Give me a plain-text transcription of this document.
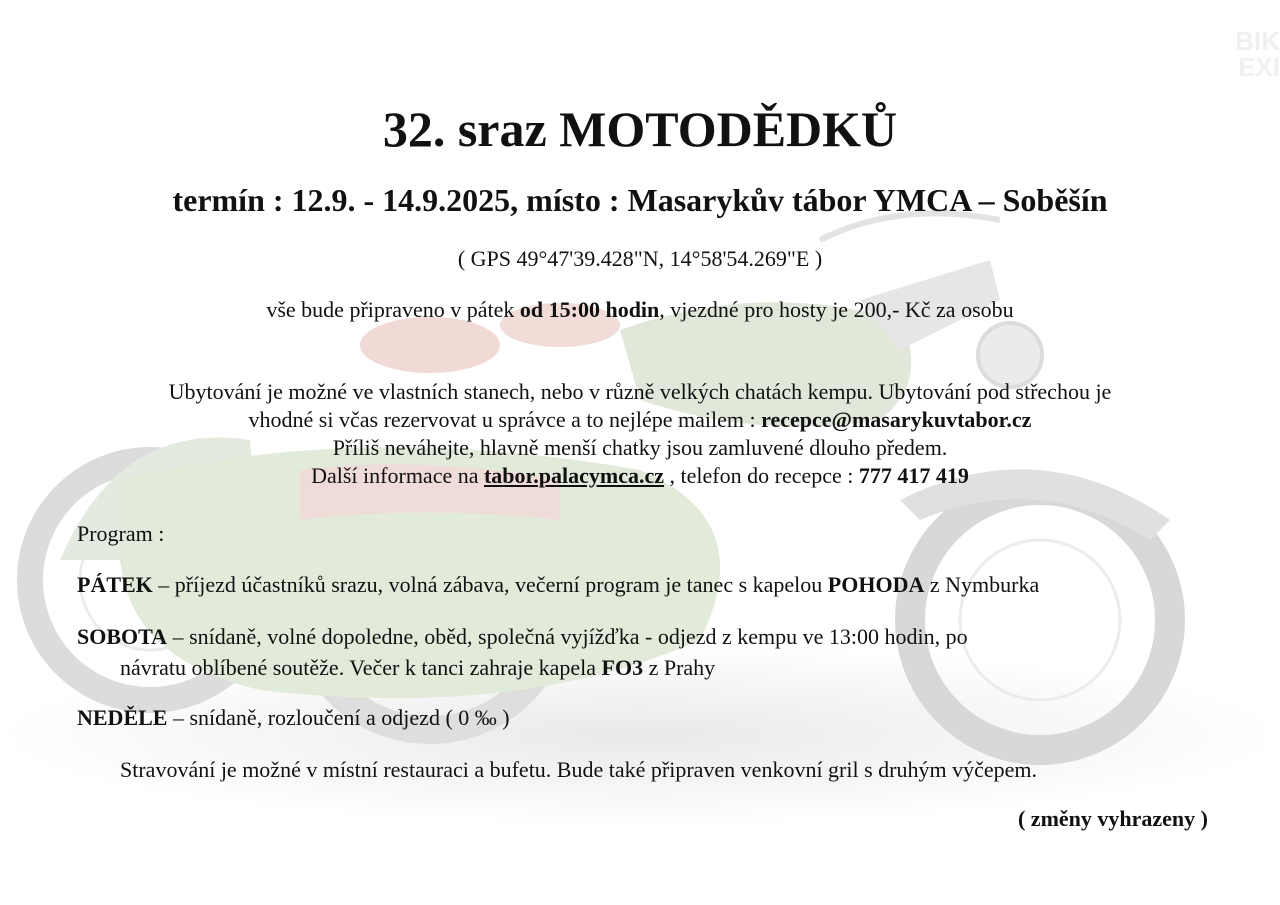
BIK
EXI
32. sraz MOTODĚDKŮ
termín : 12.9. - 14.9.2025, místo : Masarykův tábor YMCA – Soběšín
( GPS 49°47'39.428"N, 14°58'54.269"E )
vše bude připraveno v pátek od 15:00 hodin, vjezdné pro hosty je 200,- Kč za osobu
Ubytování je možné ve vlastních stanech, nebo v různě velkých chatách kempu. Ubytování pod střechou je
vhodné si včas rezervovat u správce a to nejlépe mailem : recepce@masarykuvtabor.cz
Příliš neváhejte, hlavně menší chatky jsou zamluvené dlouho předem.
Další informace na tabor.palacymca.cz , telefon do recepce : 777 417 419
Program :
PÁTEK – příjezd účastníků srazu, volná zábava, večerní program je tanec s kapelou POHODA z Nymburka
SOBOTA – snídaně, volné dopoledne, oběd, společná vyjížďka - odjezd z kempu ve 13:00 hodin, po
návratu oblíbené soutěže. Večer k tanci zahraje kapela FO3 z Prahy
NEDĚLE – snídaně, rozloučení a odjezd ( 0 ‰ )
Stravování je možné v místní restauraci a bufetu. Bude také připraven venkovní gril s druhým výčepem.
( změny vyhrazeny )
